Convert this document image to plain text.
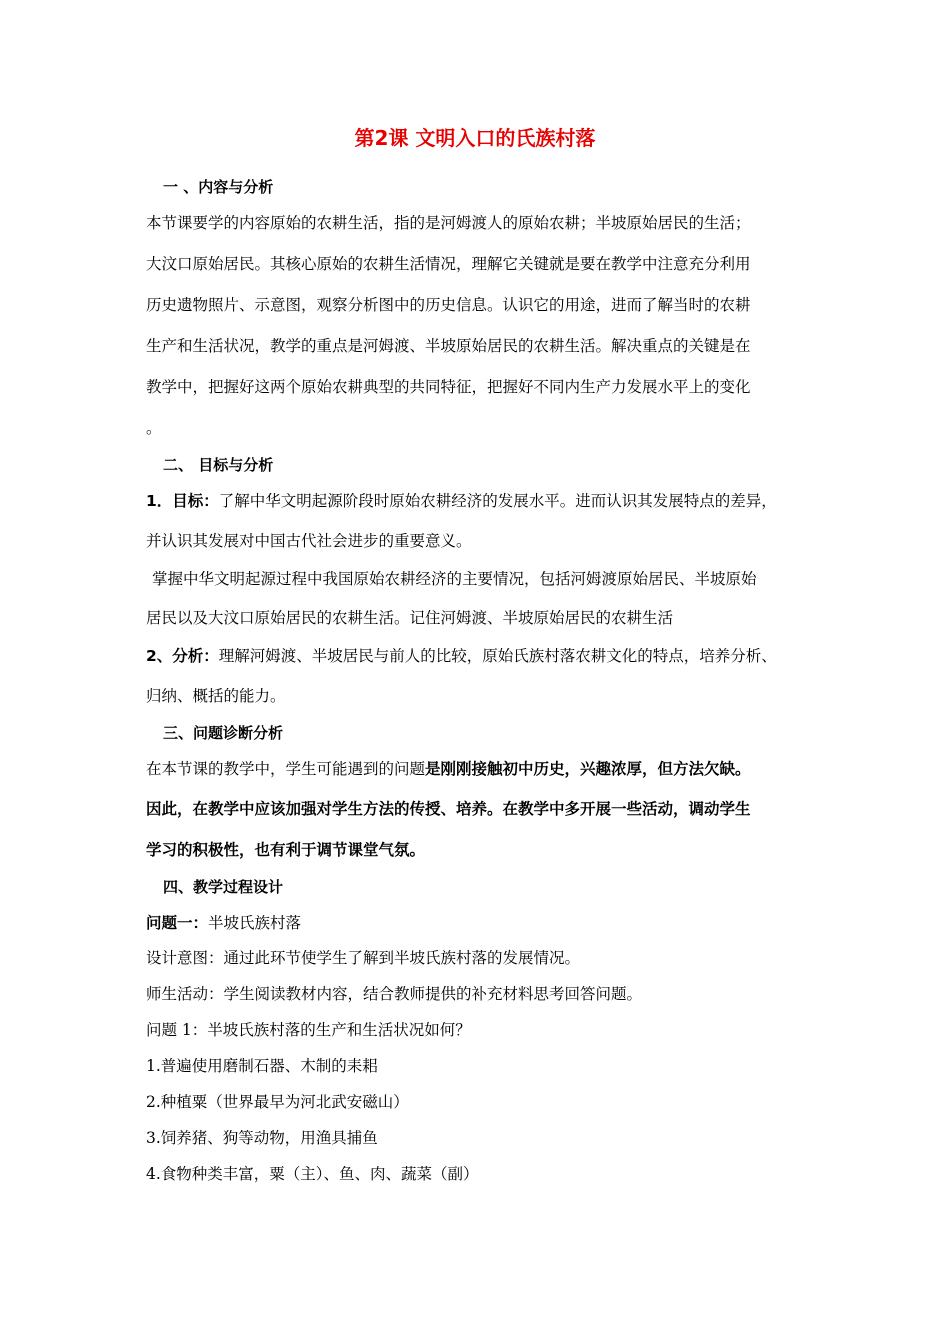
第2课 文明入口的氏族村落
一 、内容与分析
本节课要学的内容原始的农耕生活，指的是河姆渡人的原始农耕；半坡原始居民的生活；
大汶口原始居民。其核心原始的农耕生活情况，理解它关键就是要在教学中注意充分利用
历史遗物照片、示意图，观察分析图中的历史信息。认识它的用途，进而了解当时的农耕
生产和生活状况，教学的重点是河姆渡、半坡原始居民的农耕生活。解决重点的关键是在
教学中，把握好这两个原始农耕典型的共同特征，把握好不同内生产力发展水平上的变化
。
二、 目标与分析
1．目标：了解中华文明起源阶段时原始农耕经济的发展水平。进而认识其发展特点的差异，
并认识其发展对中国古代社会进步的重要意义。
掌握中华文明起源过程中我国原始农耕经济的主要情况，包括河姆渡原始居民、半坡原始
居民以及大汶口原始居民的农耕生活。记住河姆渡、半坡原始居民的农耕生活
2、分析：理解河姆渡、半坡居民与前人的比较，原始氏族村落农耕文化的特点，培养分析、
归纳、概括的能力。
三、问题诊断分析
在本节课的教学中，学生可能遇到的问题是刚刚接触初中历史，兴趣浓厚，但方法欠缺。
因此，在教学中应该加强对学生方法的传授、培养。在教学中多开展一些活动，调动学生
学习的积极性，也有利于调节课堂气氛。
四、教学过程设计
问题一：半坡氏族村落
设计意图：通过此环节使学生了解到半坡氏族村落的发展情况。
师生活动：学生阅读教材内容，结合教师提供的补充材料思考回答问题。
问题 1：半坡氏族村落的生产和生活状况如何？
1.普遍使用磨制石器、木制的耒耜
2.种植粟（世界最早为河北武安磁山）
3.饲养猪、狗等动物，用渔具捕鱼
4.食物种类丰富，粟（主）、鱼、肉、蔬菜（副）
